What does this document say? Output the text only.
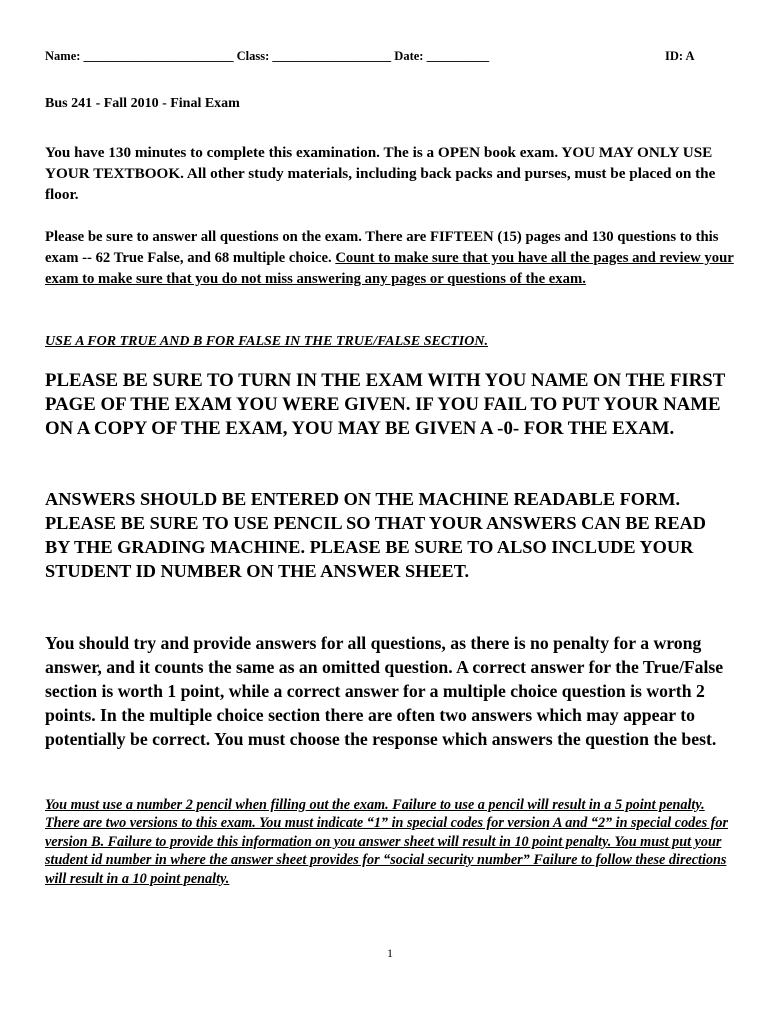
Name: ________________________ Class: ___________________ Date: __________	ID: A
Bus 241 - Fall 2010 - Final Exam
You have 130 minutes to complete this examination. The is a OPEN book exam. YOU MAY ONLY USE YOUR TEXTBOOK. All other study materials, including back packs and purses, must be placed on the floor.
Please be sure to answer all questions on the exam. There are FIFTEEN (15) pages and 130 questions to this exam -- 62 True False, and 68 multiple choice. Count to make sure that you have all the pages and review your exam to make sure that you do not miss answering any pages or questions of the exam.
USE A FOR TRUE AND B FOR FALSE IN THE TRUE/FALSE SECTION.
PLEASE BE SURE TO TURN IN THE EXAM WITH YOU NAME ON THE FIRST PAGE OF THE EXAM YOU WERE GIVEN. IF YOU FAIL TO PUT YOUR NAME ON A COPY OF THE EXAM, YOU MAY BE GIVEN A -0- FOR THE EXAM.
ANSWERS SHOULD BE ENTERED ON THE MACHINE READABLE FORM. PLEASE BE SURE TO USE PENCIL SO THAT YOUR ANSWERS CAN BE READ BY THE GRADING MACHINE. PLEASE BE SURE TO ALSO INCLUDE YOUR STUDENT ID NUMBER ON THE ANSWER SHEET.
You should try and provide answers for all questions, as there is no penalty for a wrong answer, and it counts the same as an omitted question. A correct answer for the True/False section is worth 1 point, while a correct answer for a multiple choice question is worth 2 points. In the multiple choice section there are often two answers which may appear to potentially be correct. You must choose the response which answers the question the best.
You must use a number 2 pencil when filling out the exam. Failure to use a pencil will result in a 5 point penalty. There are two versions to this exam. You must indicate “1” in special codes for version A and “2” in special codes for version B. Failure to provide this information on you answer sheet will result in 10 point penalty. You must put your student id number in where the answer sheet provides for “social security number” Failure to follow these directions will result in a 10 point penalty.
1
